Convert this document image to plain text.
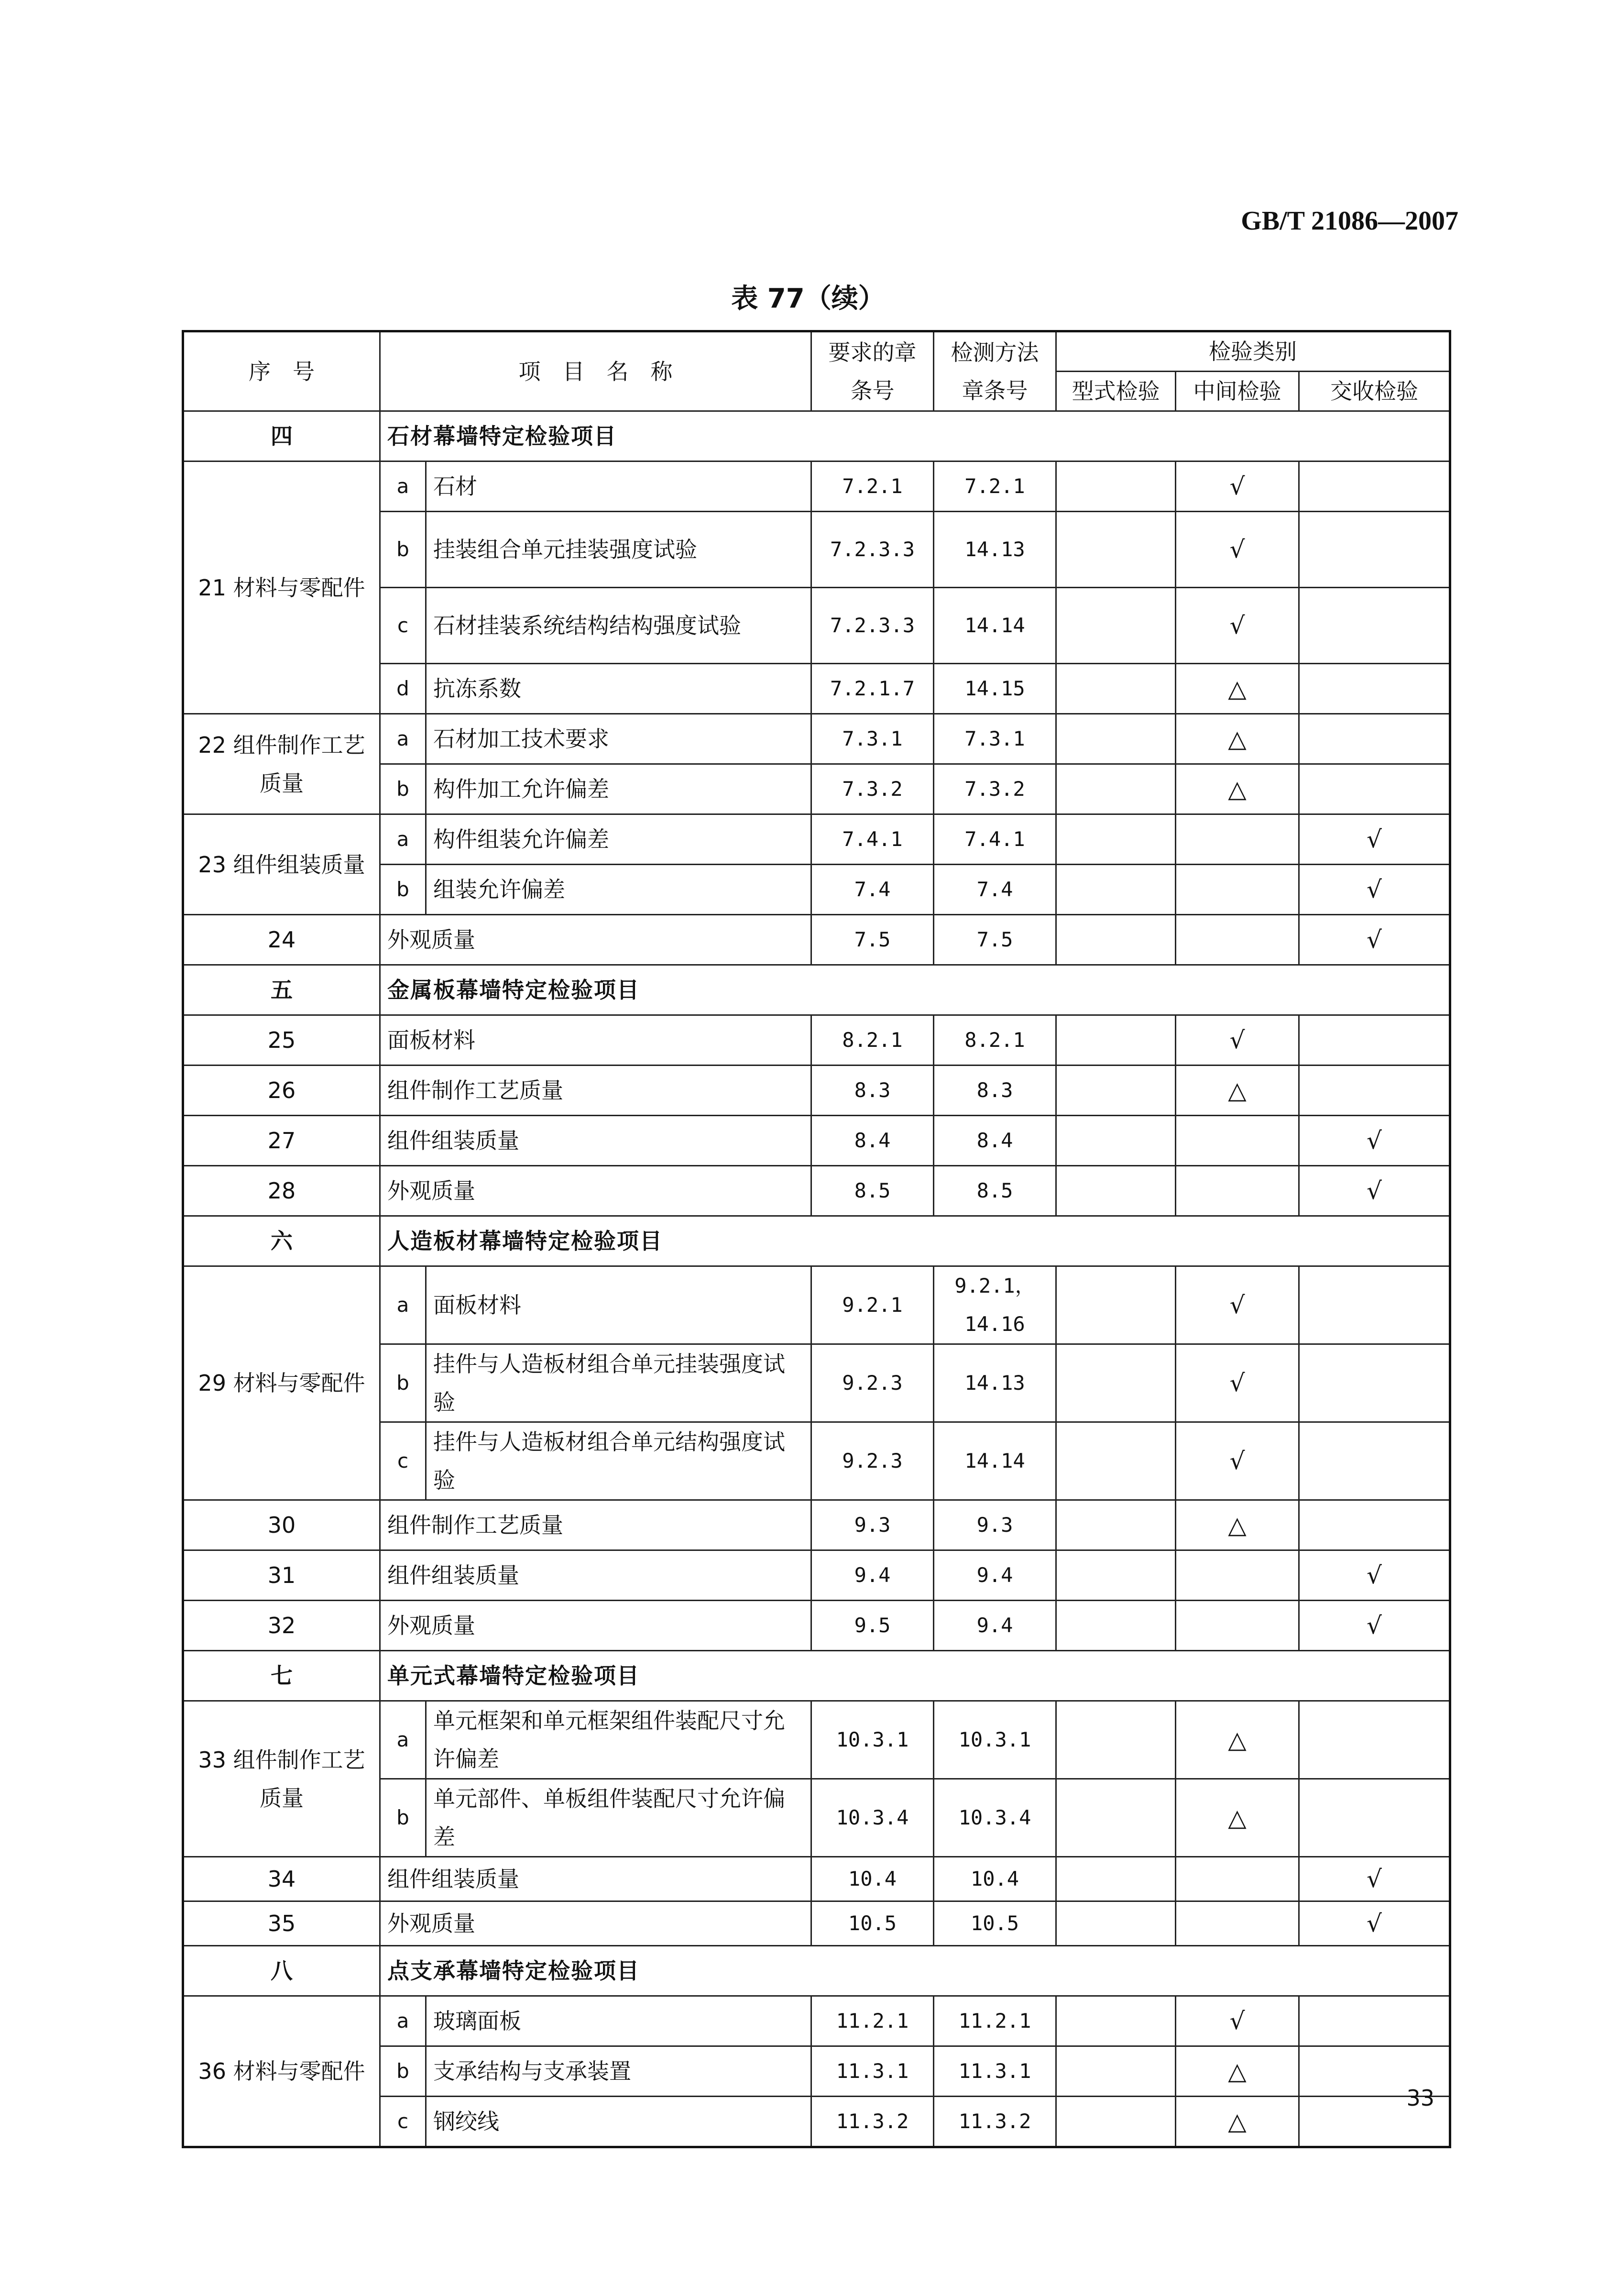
GB/T 21086—2007
表 77（续）
序　号	项　目　名　称		要求的章条号	检测方法章条号	检验类别		
					型式检验	中间检验	交收检验
四	石材幕墙特定检验项目						
21 材料与零配件	a	石材	7.2.1	7.2.1		√	
	b	挂装组合单元挂装强度试验	7.2.3.3	14.13		√	
	c	石材挂装系统结构结构强度试验	7.2.3.3	14.14		√	
	d	抗冻系数	7.2.1.7	14.15		△	
22 组件制作工艺质量	a	石材加工技术要求	7.3.1	7.3.1		△	
	b	构件加工允许偏差	7.3.2	7.3.2		△	
23 组件组装质量	a	构件组装允许偏差	7.4.1	7.4.1			√
	b	组装允许偏差	7.4	7.4			√
24	外观质量		7.5	7.5			√
五	金属板幕墙特定检验项目						
25	面板材料		8.2.1	8.2.1		√	
26	组件制作工艺质量		8.3	8.3		△	
27	组件组装质量		8.4	8.4			√
28	外观质量		8.5	8.5			√
六	人造板材幕墙特定检验项目						
29 材料与零配件	a	面板材料	9.2.1	9.2.1，14.16		√	
	b	挂件与人造板材组合单元挂装强度试验	9.2.3	14.13		√	
	c	挂件与人造板材组合单元结构强度试验	9.2.3	14.14		√	
30	组件制作工艺质量		9.3	9.3		△	
31	组件组装质量		9.4	9.4			√
32	外观质量		9.5	9.4			√
七	单元式幕墙特定检验项目						
33 组件制作工艺质量	a	单元框架和单元框架组件装配尺寸允许偏差	10.3.1	10.3.1		△	
	b	单元部件、单板组件装配尺寸允许偏差	10.3.4	10.3.4		△	
34	组件组装质量		10.4	10.4			√
35	外观质量		10.5	10.5			√
八	点支承幕墙特定检验项目						
36 材料与零配件	a	玻璃面板	11.2.1	11.2.1		√	
	b	支承结构与支承装置	11.3.1	11.3.1		△	
	c	钢绞线	11.3.2	11.3.2		△	
33
